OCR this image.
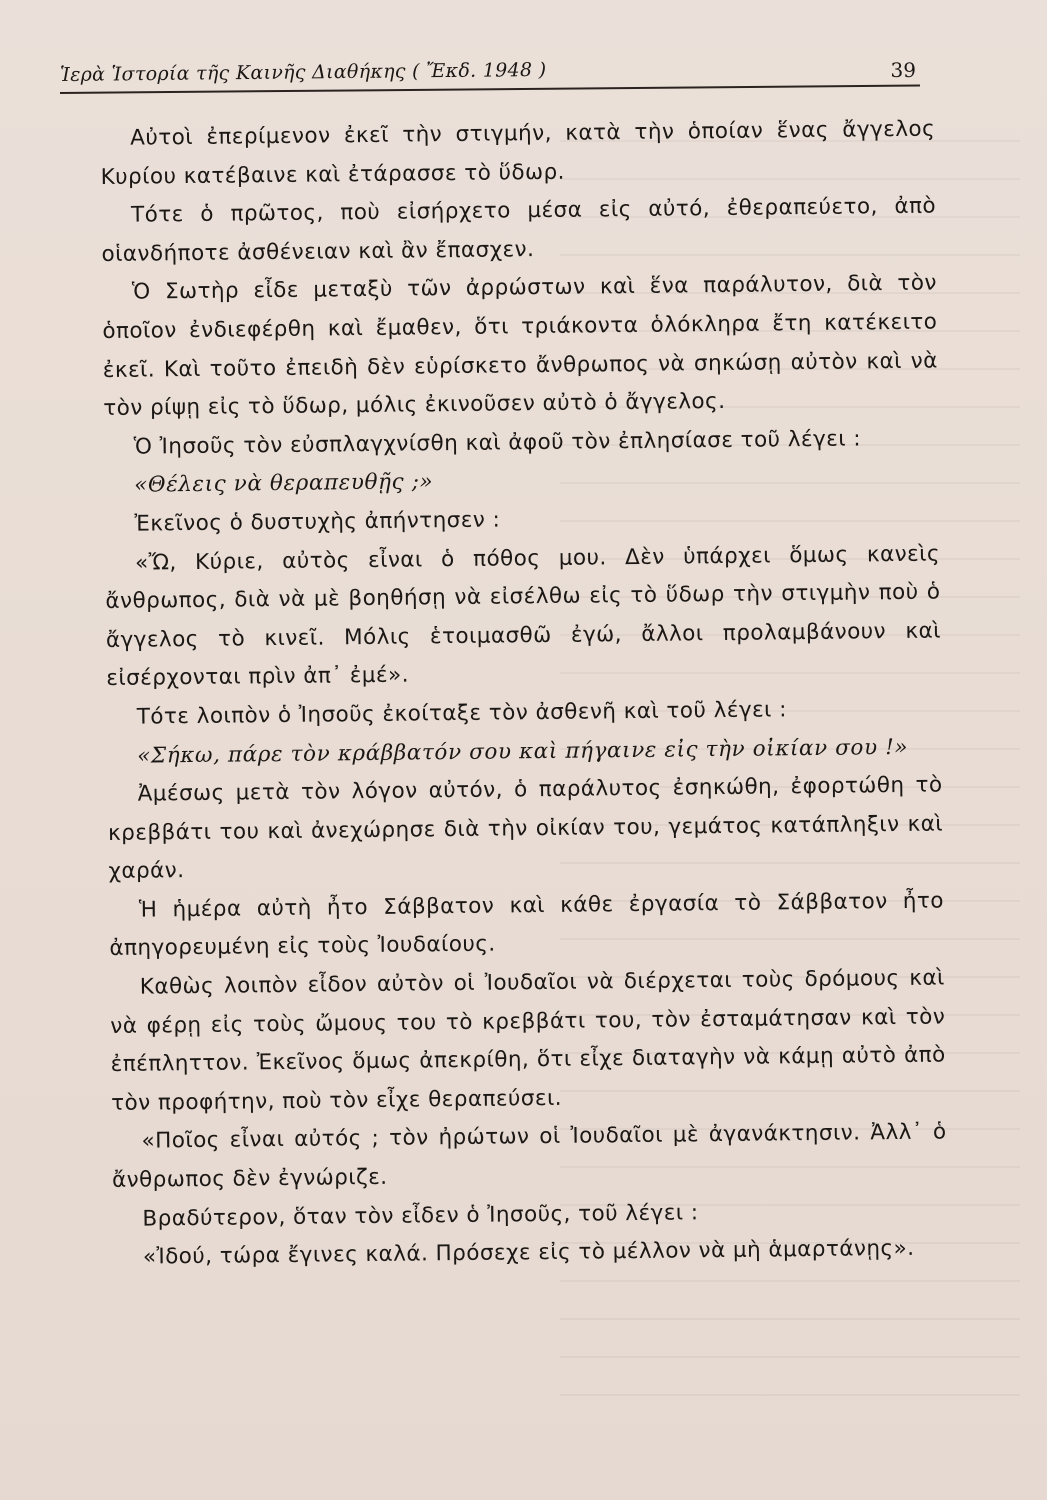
Ἱερὰ Ἱστορία τῆς Καινῆς Διαθήκης ( Ἔκδ. 1948 )	39

Αὐτοὶ ἐπερίμενον ἐκεῖ τὴν στιγμήν, κατὰ τὴν ὁποίαν ἕνας ἄγγελος Κυρίου κατέβαινε καὶ ἐτάρασσε τὸ ὕδωρ.

Τότε ὁ πρῶτος, ποὺ εἰσήρχετο μέσα εἰς αὐτό, ἐθεραπεύετο, ἀπὸ οἱανδήποτε ἀσθένειαν καὶ ἂν ἔπασχεν.

Ὁ Σωτὴρ εἶδε μεταξὺ τῶν ἀρρώστων καὶ ἕνα παράλυτον, διὰ τὸν ὁποῖον ἐνδιεφέρθη καὶ ἔμαθεν, ὅτι τριάκοντα ὁλόκληρα ἔτη κατέκειτο ἐκεῖ. Καὶ τοῦτο ἐπειδὴ δὲν εὑρίσκετο ἄνθρωπος νὰ σηκώσῃ αὐτὸν καὶ νὰ τὸν ρίψῃ εἰς τὸ ὕδωρ, μόλις ἐκινοῦσεν αὐτὸ ὁ ἄγγελος.

Ὁ Ἰησοῦς τὸν εὐσπλαγχνίσθη καὶ ἀφοῦ τὸν ἐπλησίασε τοῦ λέγει :

«Θέλεις νὰ θεραπευθῇς ;»

Ἐκεῖνος ὁ δυστυχὴς ἀπήντησεν :

«Ὤ, Κύριε, αὐτὸς εἶναι ὁ πόθος μου. Δὲν ὑπάρχει ὅμως κανεὶς ἄνθρωπος, διὰ νὰ μὲ βοηθήσῃ νὰ εἰσέλθω εἰς τὸ ὕδωρ τὴν στιγμὴν ποὺ ὁ ἄγγελος τὸ κινεῖ. Μόλις ἑτοιμασθῶ ἐγώ, ἄλλοι προλαμβάνουν καὶ εἰσέρχονται πρὶν ἀπ᾿ ἐμέ».

Τότε λοιπὸν ὁ Ἰησοῦς ἐκοίταξε τὸν ἀσθενῆ καὶ τοῦ λέγει :

«Σήκω, πάρε τὸν κράββατόν σου καὶ πήγαινε εἰς τὴν οἰκίαν σου !»

Ἀμέσως μετὰ τὸν λόγον αὐτόν, ὁ παράλυτος ἐσηκώθη, ἐφορτώθη τὸ κρεββάτι του καὶ ἀνεχώρησε διὰ τὴν οἰκίαν του, γεμάτος κατάπληξιν καὶ χαράν.

Ἡ ἡμέρα αὐτὴ ἦτο Σάββατον καὶ κάθε ἐργασία τὸ Σάββατον ἦτο ἀπηγορευμένη εἰς τοὺς Ἰουδαίους.

Καθὼς λοιπὸν εἶδον αὐτὸν οἱ Ἰουδαῖοι νὰ διέρχεται τοὺς δρόμους καὶ νὰ φέρῃ εἰς τοὺς ὤμους του τὸ κρεββάτι του, τὸν ἐσταμάτησαν καὶ τὸν ἐπέπληττον. Ἐκεῖνος ὅμως ἀπεκρίθη, ὅτι εἶχε διαταγὴν νὰ κάμῃ αὐτὸ ἀπὸ τὸν προφήτην, ποὺ τὸν εἶχε θεραπεύσει.

«Ποῖος εἶναι αὐτός ; τὸν ἠρώτων οἱ Ἰουδαῖοι μὲ ἀγανάκτησιν. Ἀλλ᾿ ὁ ἄνθρωπος δὲν ἐγνώριζε.

Βραδύτερον, ὅταν τὸν εἶδεν ὁ Ἰησοῦς, τοῦ λέγει :

«Ἰδού, τώρα ἔγινες καλά. Πρόσεχε εἰς τὸ μέλλον νὰ μὴ ἁμαρτάνῃς».
